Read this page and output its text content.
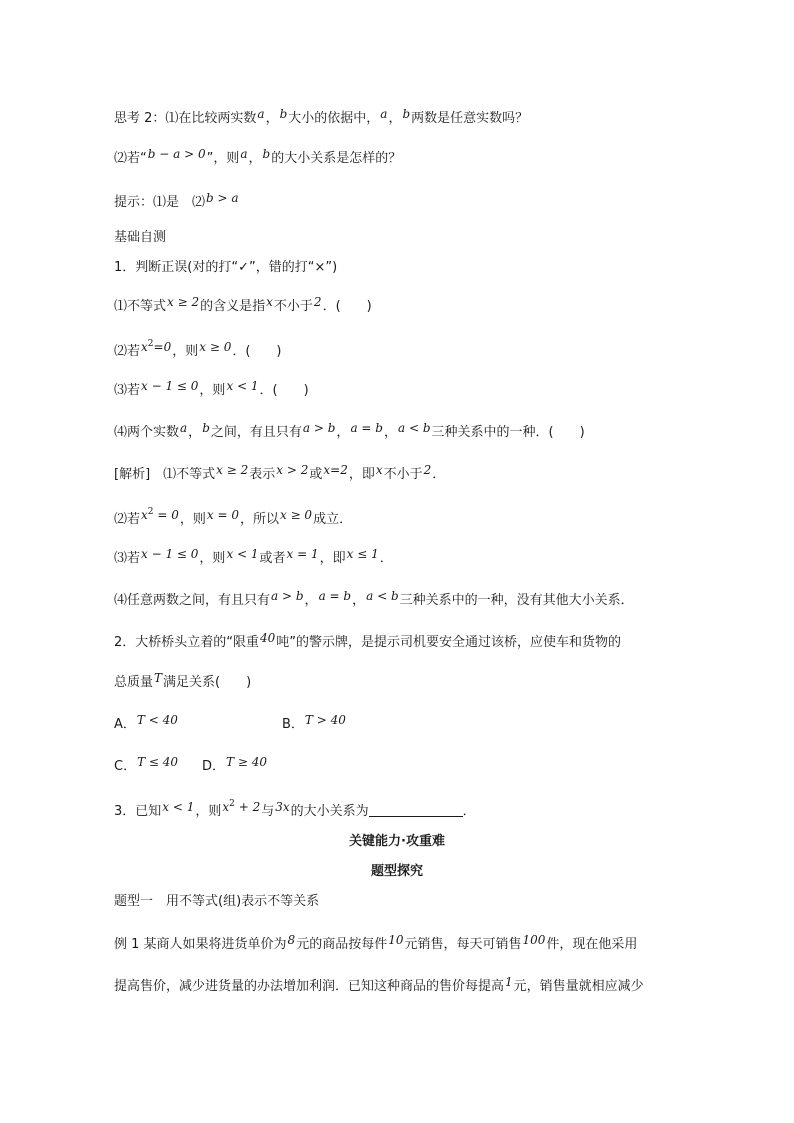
思考 2：⑴在比较两实数a，b大小的依据中，a，b两数是任意实数吗？
⑵若“b − a > 0”，则a，b的大小关系是怎样的？
提示：⑴是　⑵b > a
基础自测
1．判断正误(对的打“✓”，错的打“×”)
⑴不等式x ≥ 2的含义是指x不小于2．(　　)
⑵若$x^2=0$，则x ≥ 0．(　　)
⑶若x − 1 ≤ 0，则x < 1．(　　)
⑷两个实数a，b之间，有且只有a > b，a = b，a < b三种关系中的一种．(　　)
[解析]　⑴不等式x ≥ 2表示x > 2或x=2，即x不小于2．
⑵若$x^2 = 0$，则x = 0，所以x ≥ 0成立．
⑶若x − 1 ≤ 0，则x < 1或者x = 1，即x ≤ 1．
⑷任意两数之间，有且只有a > b，a = b，a < b三种关系中的一种，没有其他大小关系．
2．大桥桥头立着的“限重40吨”的警示牌，是提示司机要安全通过该桥，应使车和货物的
总质量T满足关系(　　)
A．T < 40	B．T > 40
C．T ≤ 40 D．T ≥ 40
3．已知x < 1，则$x^2 + 2$与3x的大小关系为	．
关键能力·攻重难
题型探究
题型一　用不等式(组)表示不等关系
例 1 某商人如果将进货单价为8元的商品按每件10元销售，每天可销售100件，现在他采用
提高售价，减少进货量的办法增加利润．已知这种商品的售价每提高1元，销售量就相应减少
